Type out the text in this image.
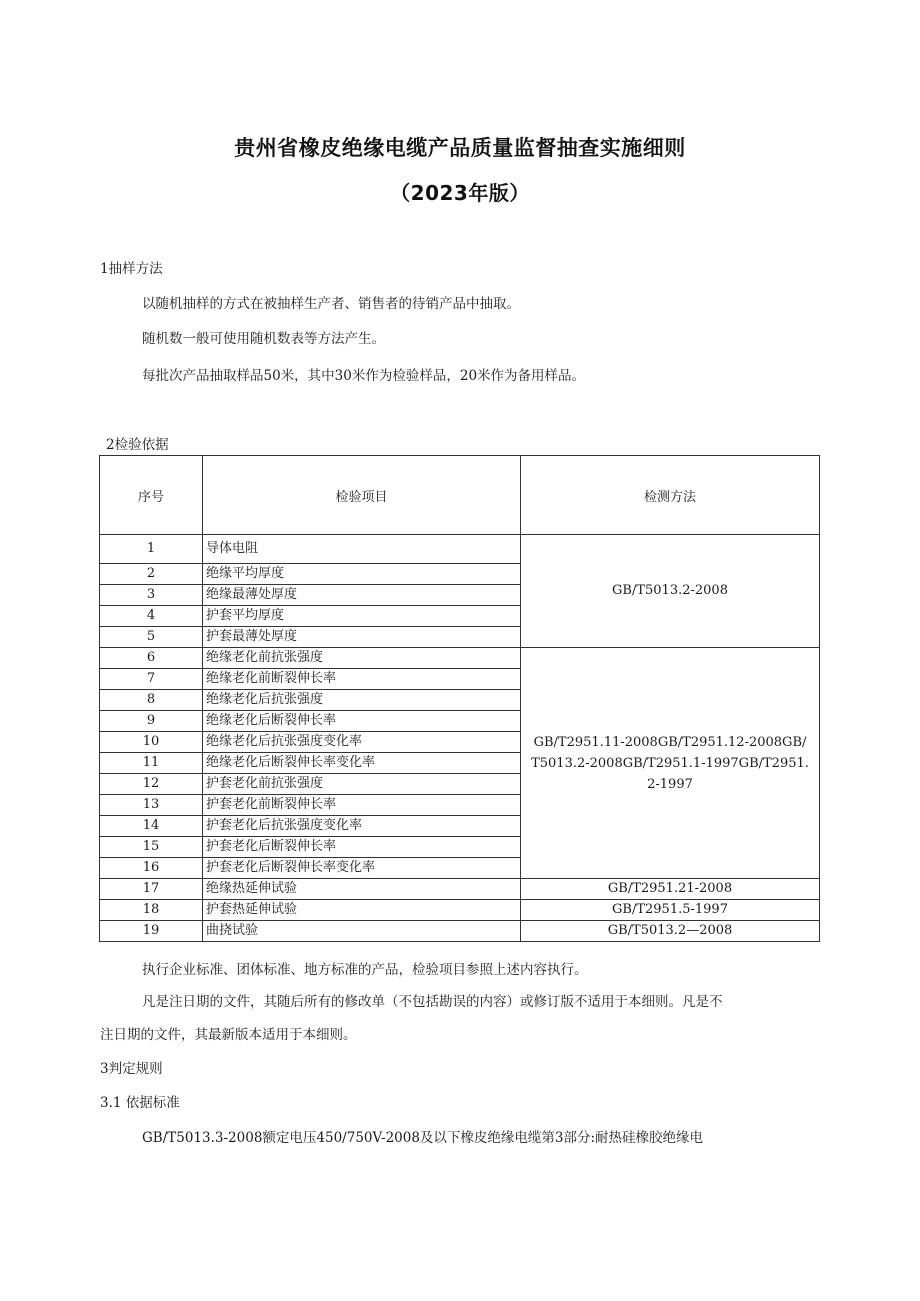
贵州省橡皮绝缘电缆产品质量监督抽查实施细则
（2023年版）

1抽样方法

以随机抽样的方式在被抽样生产者、销售者的待销产品中抽取。

随机数一般可使用随机数表等方法产生。

每批次产品抽取样品50米，其中30米作为检验样品，20米作为备用样品。

2检验依据

序号	检验项目	检测方法
1	导体电阻	GB/T5013.2-2008
2	绝缘平均厚度	
3	绝缘最薄处厚度	
4	护套平均厚度	
5	护套最薄处厚度	
6	绝缘老化前抗张强度	GB/T2951.11-2008GB/T2951.12-2008GB/T5013.2-2008GB/T2951.1-1997GB/T2951.2-1997

7	绝缘老化前断裂伸长率	
8	绝缘老化后抗张强度	
9	绝缘老化后断裂伸长率	
10	绝缘老化后抗张强度变化率	
11	绝缘老化后断裂伸长率变化率	
12	护套老化前抗张强度	
13	护套老化前断裂伸长率	
14	护套老化后抗张强度变化率	
15	护套老化后断裂伸长率	
16	护套老化后断裂伸长率变化率	
17	绝缘热延伸试验	GB/T2951.21-2008
18	护套热延伸试验	GB/T2951.5-1997
19	曲挠试验	GB/T5013.2—2008

执行企业标准、团体标准、地方标准的产品，检验项目参照上述内容执行。

凡是注日期的文件，其随后所有的修改单（不包括勘误的内容）或修订版不适用于本细则。凡是不

注日期的文件，其最新版本适用于本细则。

3判定规则

3.1 依据标准

GB/T5013.3-2008额定电压450/750V-2008及以下橡皮绝缘电缆第3部分:耐热硅橡胶绝缘电
